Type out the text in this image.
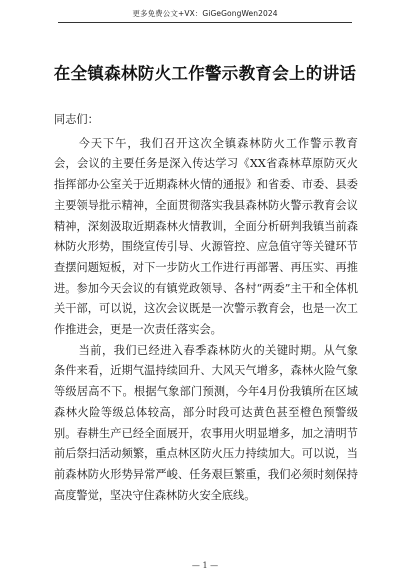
更多免费公文+VX：GiGeGongWen2024
在全镇森林防火工作警示教育会上的讲话

同志们：

今天下午，我们召开这次全镇森林防火工作警示教育会，会议的主要任务是深入传达学习《XX省森林草原防灭火指挥部办公室关于近期森林火情的通报》和省委、市委、县委主要领导批示精神，全面贯彻落实我县森林防火警示教育会议精神，深刻汲取近期森林火情教训，全面分析研判我镇当前森林防火形势，围绕宣传引导、火源管控、应急值守等关键环节查摆问题短板，对下一步防火工作进行再部署、再压实、再推进。参加今天会议的有镇党政领导、各村“两委”主干和全体机关干部，可以说，这次会议既是一次警示教育会，也是一次工作推进会，更是一次责任落实会。

当前，我们已经进入春季森林防火的关键时期。从气象条件来看，近期气温持续回升、大风天气增多，森林火险气象等级居高不下。根据气象部门预测，今年4月份我镇所在区域森林火险等级总体较高，部分时段可达黄色甚至橙色预警级别。春耕生产已经全面展开，农事用火明显增多，加之清明节前后祭扫活动频繁，重点林区防火压力持续加大。可以说，当前森林防火形势异常严峻、任务艰巨繁重，我们必须时刻保持高度警觉，坚决守住森林防火安全底线。

— 1 —
